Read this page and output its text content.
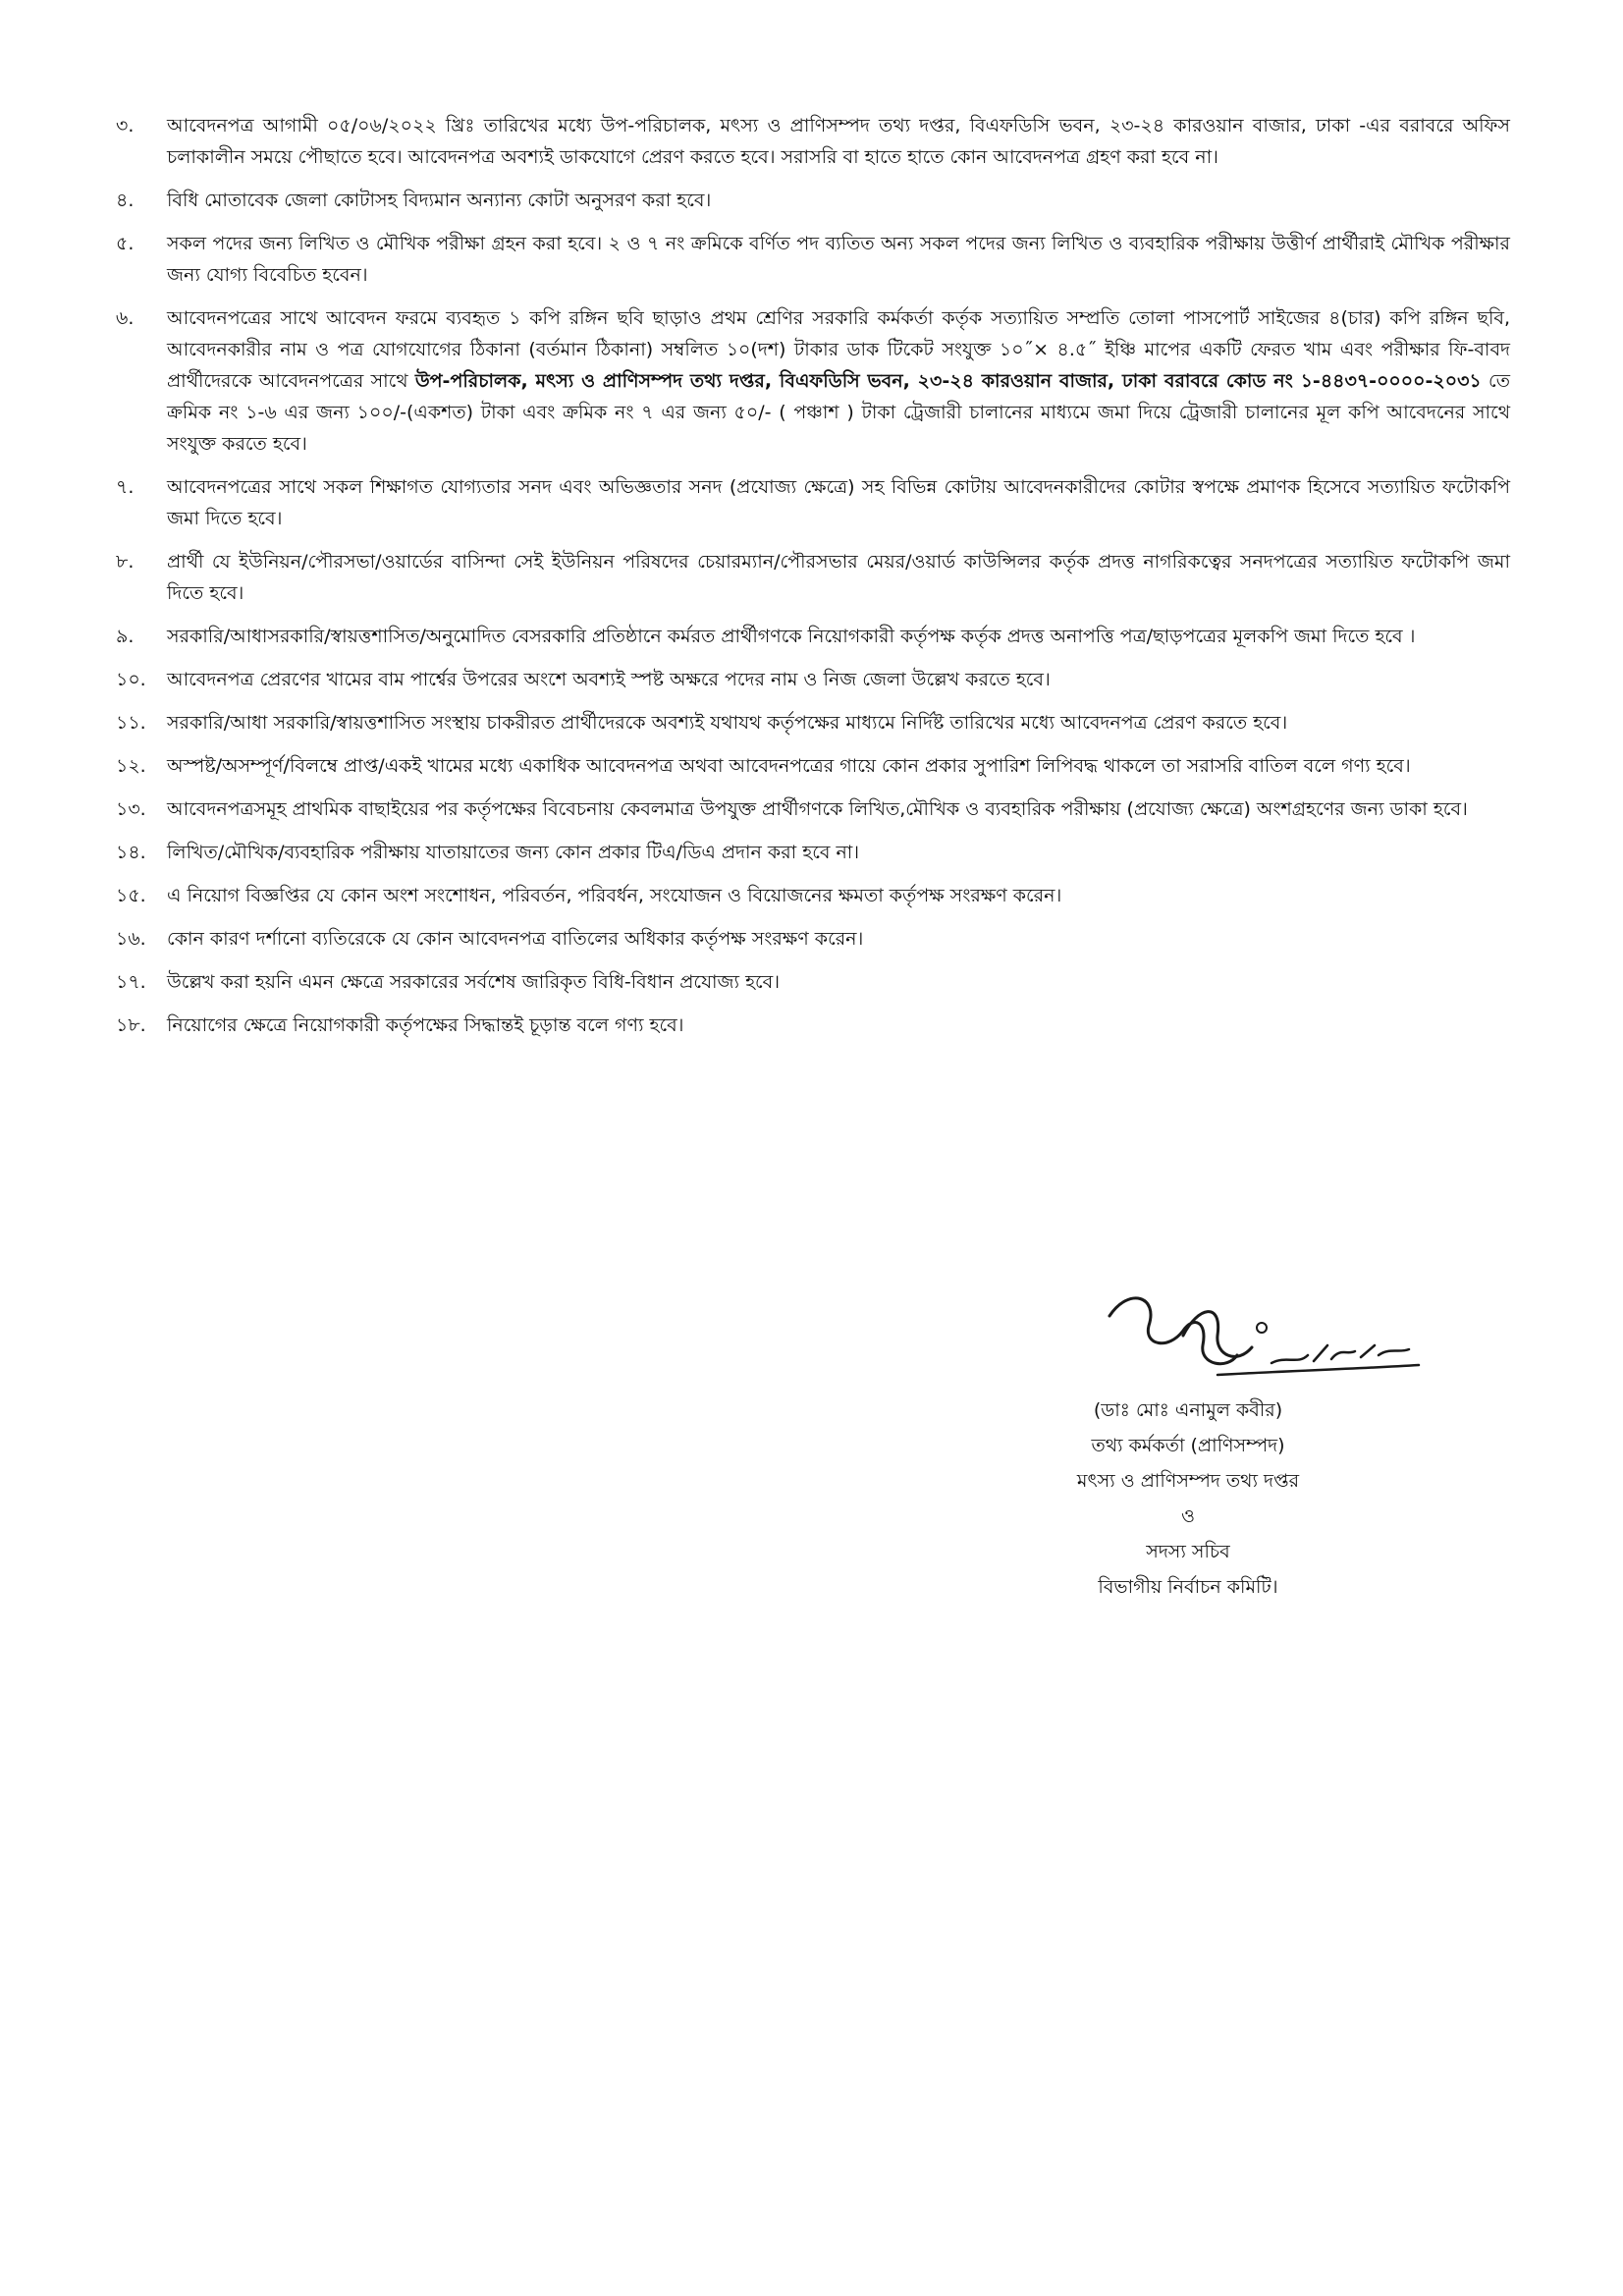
৩.	আবেদনপত্র আগামী ০৫/০৬/২০২২ খ্রিঃ তারিখের মধ্যে উপ-পরিচালক, মৎস্য ও প্রাণিসম্পদ তথ্য দপ্তর, বিএফডিসি ভবন, ২৩-২৪ কারওয়ান বাজার, ঢাকা -এর বরাবরে অফিস চলাকালীন সময়ে পৌছাতে হবে। আবেদনপত্র অবশ্যই ডাকযোগে প্রেরণ করতে হবে। সরাসরি বা হাতে হাতে কোন আবেদনপত্র গ্রহণ করা হবে না।
৪.	বিধি মোতাবেক জেলা কোটাসহ বিদ্যমান অন্যান্য কোটা অনুসরণ করা হবে।
৫.	সকল পদের জন্য লিখিত ও মৌখিক পরীক্ষা গ্রহন করা হবে। ২ ও ৭ নং ক্রমিকে বর্ণিত পদ ব্যতিত অন্য সকল পদের জন্য লিখিত ও ব্যবহারিক পরীক্ষায় উত্তীর্ণ প্রার্থীরাই মৌখিক পরীক্ষার জন্য যোগ্য বিবেচিত হবেন।
৬.	আবেদনপত্রের সাথে আবেদন ফরমে ব্যবহৃত ১ কপি রঙ্গিন ছবি ছাড়াও প্রথম শ্রেণির সরকারি কর্মকর্তা কর্তৃক সত্যায়িত সম্প্রতি তোলা পাসপোর্ট সাইজের ৪(চার) কপি রঙ্গিন ছবি, আবেদনকারীর নাম ও পত্র যোগযোগের ঠিকানা (বর্তমান ঠিকানা) সম্বলিত ১০(দশ) টাকার ডাক টিকেট সংযুক্ত ১০˝× ৪.৫˝ ইঞ্চি মাপের একটি ফেরত খাম এবং পরীক্ষার ফি-বাবদ প্রার্থীদেরকে আবেদনপত্রের সাথে উপ-পরিচালক, মৎস্য ও প্রাণিসম্পদ তথ্য দপ্তর, বিএফডিসি ভবন, ২৩-২৪ কারওয়ান বাজার, ঢাকা বরাবরে কোড নং ১-৪৪৩৭-০০০০-২০৩১ তে ক্রমিক নং ১-৬ এর জন্য ১০০/-(একশত) টাকা এবং ক্রমিক নং ৭ এর জন্য ৫০/- ( পঞ্চাশ ) টাকা ট্রেজারী চালানের মাধ্যমে জমা দিয়ে ট্রেজারী চালানের মূল কপি আবেদনের সাথে সংযুক্ত করতে হবে।
৭.	আবেদনপত্রের সাথে সকল শিক্ষাগত যোগ্যতার সনদ এবং অভিজ্ঞতার সনদ (প্রযোজ্য ক্ষেত্রে) সহ বিভিন্ন কোটায় আবেদনকারীদের কোটার স্বপক্ষে প্রমাণক হিসেবে সত্যায়িত ফটোকপি জমা দিতে হবে।
৮.	প্রার্থী যে ইউনিয়ন/পৌরসভা/ওয়ার্ডের বাসিন্দা সেই ইউনিয়ন পরিষদের চেয়ারম্যান/পৌরসভার মেয়র/ওয়ার্ড কাউন্সিলর কর্তৃক প্রদত্ত নাগরিকত্বের সনদপত্রের সত্যায়িত ফটোকপি জমা দিতে হবে।
৯.	সরকারি/আধাসরকারি/স্বায়ত্তশাসিত/অনুমোদিত বেসরকারি প্রতিষ্ঠানে কর্মরত প্রার্থীগণকে নিয়োগকারী কর্তৃপক্ষ কর্তৃক প্রদত্ত অনাপত্তি পত্র/ছাড়পত্রের মূলকপি জমা দিতে হবে ।
১০.	আবেদনপত্র প্রেরণের খামের বাম পার্শ্বের উপরের অংশে অবশ্যই স্পষ্ট অক্ষরে পদের নাম ও নিজ জেলা উল্লেখ করতে হবে।
১১.	সরকারি/আধা সরকারি/স্বায়ত্তশাসিত সংস্থায় চাকরীরত প্রার্থীদেরকে অবশ্যই যথাযথ কর্তৃপক্ষের মাধ্যমে নির্দিষ্ট তারিখের মধ্যে আবেদনপত্র প্রেরণ করতে হবে।
১২.	অস্পষ্ট/অসম্পূর্ণ/বিলম্বে প্রাপ্ত/একই খামের মধ্যে একাধিক আবেদনপত্র অথবা আবেদনপত্রের গায়ে কোন প্রকার সুপারিশ লিপিবদ্ধ থাকলে তা সরাসরি বাতিল বলে গণ্য হবে।
১৩.	আবেদনপত্রসমূহ প্রাথমিক বাছাইয়ের পর কর্তৃপক্ষের বিবেচনায় কেবলমাত্র উপযুক্ত প্রার্থীগণকে লিখিত,মৌখিক ও ব্যবহারিক পরীক্ষায় (প্রযোজ্য ক্ষেত্রে) অংশগ্রহণের জন্য ডাকা হবে।
১৪.	লিখিত/মৌখিক/ব্যবহারিক পরীক্ষায় যাতায়াতের জন্য কোন প্রকার টিএ/ডিএ প্রদান করা হবে না।
১৫.	এ নিয়োগ বিজ্ঞপ্তির যে কোন অংশ সংশোধন, পরিবর্তন, পরিবর্ধন, সংযোজন ও বিয়োজনের ক্ষমতা কর্তৃপক্ষ সংরক্ষণ করেন।
১৬.	কোন কারণ দর্শানো ব্যতিরেকে যে কোন আবেদনপত্র বাতিলের অধিকার কর্তৃপক্ষ সংরক্ষণ করেন।
১৭.	উল্লেখ করা হয়নি এমন ক্ষেত্রে সরকারের সর্বশেষ জারিকৃত বিধি-বিধান প্রযোজ্য হবে।
১৮.	নিয়োগের ক্ষেত্রে নিয়োগকারী কর্তৃপক্ষের সিদ্ধান্তই চূড়ান্ত বলে গণ্য হবে।
(ডাঃ মোঃ এনামুল কবীর)
তথ্য কর্মকর্তা (প্রাণিসম্পদ)
মৎস্য ও প্রাণিসম্পদ তথ্য দপ্তর
ও
সদস্য সচিব
বিভাগীয় নির্বাচন কমিটি।
